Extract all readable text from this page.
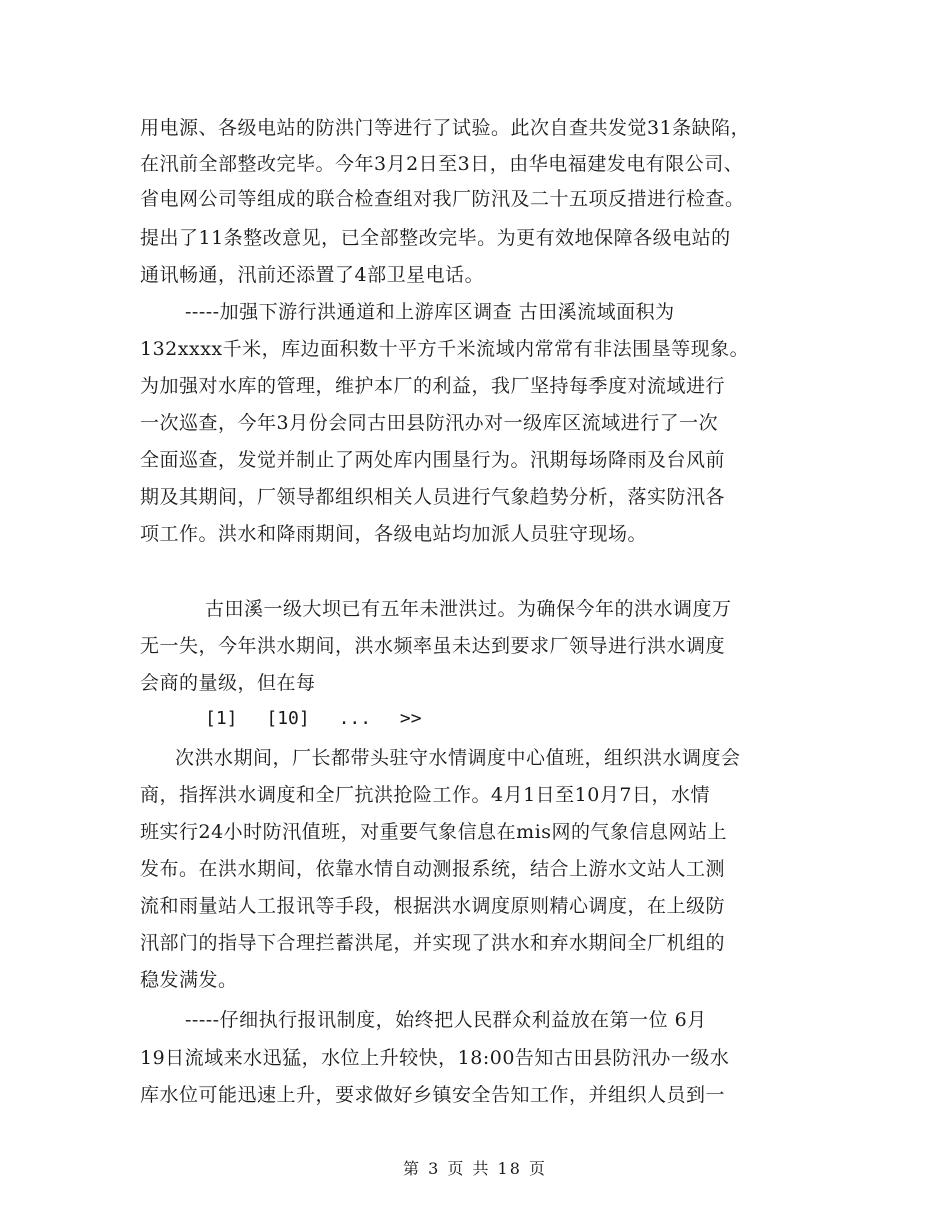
用电源、各级电站的防洪门等进行了试验。此次自查共发觉31条缺陷，
在汛前全部整改完毕。今年3月2日至3日，由华电福建发电有限公司、
省电网公司等组成的联合检查组对我厂防汛及二十五项反措进行检查。
提出了11条整改意见，已全部整改完毕。为更有效地保障各级电站的
通讯畅通，汛前还添置了4部卫星电话。
-----加强下游行洪通道和上游库区调查 古田溪流域面积为
132xxxx千米，库边面积数十平方千米流域内常常有非法围垦等现象。
为加强对水库的管理，维护本厂的利益，我厂坚持每季度对流域进行
一次巡查，今年3月份会同古田县防汛办对一级库区流域进行了一次
全面巡查，发觉并制止了两处库内围垦行为。汛期每场降雨及台风前
期及其期间，厂领导都组织相关人员进行气象趋势分析，落实防汛各
项工作。洪水和降雨期间，各级电站均加派人员驻守现场。
古田溪一级大坝已有五年未泄洪过。为确保今年的洪水调度万
无一失，今年洪水期间，洪水频率虽未达到要求厂领导进行洪水调度
会商的量级，但在每
[1] [10] ... >>
次洪水期间，厂长都带头驻守水情调度中心值班，组织洪水调度会
商，指挥洪水调度和全厂抗洪抢险工作。4月1日至10月7日，水情
班实行24小时防汛值班，对重要气象信息在mis网的气象信息网站上
发布。在洪水期间，依靠水情自动测报系统，结合上游水文站人工测
流和雨量站人工报讯等手段，根据洪水调度原则精心调度，在上级防
汛部门的指导下合理拦蓄洪尾，并实现了洪水和弃水期间全厂机组的
稳发满发。
-----仔细执行报讯制度，始终把人民群众利益放在第一位 6月
19日流域来水迅猛，水位上升较快，18:00告知古田县防汛办一级水
库水位可能迅速上升，要求做好乡镇安全告知工作，并组织人员到一
第 3 页 共 18 页
